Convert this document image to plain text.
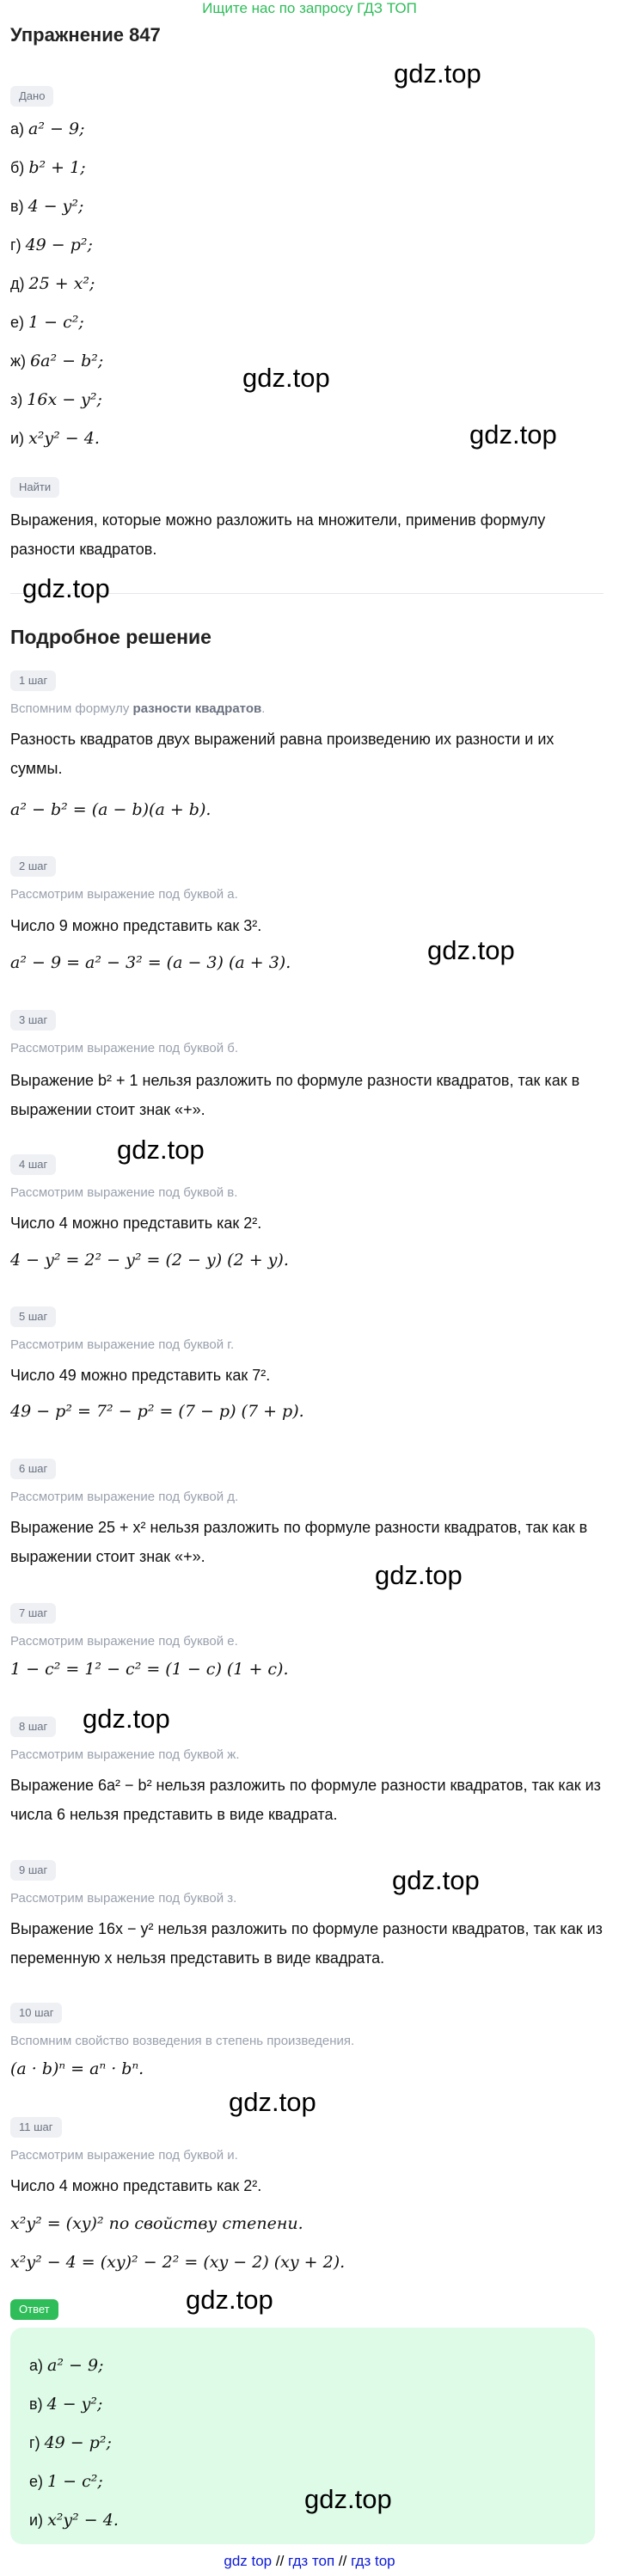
Ищите нас по запросу ГДЗ ТОП
Упражнение 847
Дано
а) a² − 9;
б) b² + 1;
в) 4 − y²;
г) 49 − p²;
д) 25 + x²;
е) 1 − c²;
ж) 6a² − b²;
з) 16x − y²;
и) x²y² − 4.
Найти
Выражения, которые можно разложить на множители, применив формулу разности квадратов.
Подробное решение
1 шаг
Вспомним формулу разности квадратов.
Разность квадратов двух выражений равна произведению их разности и их суммы.
a² − b² = (a − b)(a + b).
2 шаг
Рассмотрим выражение под буквой а.
Число 9 можно представить как 3².
a² − 9 = a² − 3² = (a − 3) (a + 3).
3 шаг
Рассмотрим выражение под буквой б.
Выражение b² + 1 нельзя разложить по формуле разности квадратов, так как в выражении стоит знак «+».
4 шаг
Рассмотрим выражение под буквой в.
Число 4 можно представить как 2².
4 − y² = 2² − y² = (2 − y) (2 + y).
5 шаг
Рассмотрим выражение под буквой г.
Число 49 можно представить как 7².
49 − p² = 7² − p² = (7 − p) (7 + p).
6 шаг
Рассмотрим выражение под буквой д.
Выражение 25 + x² нельзя разложить по формуле разности квадратов, так как в выражении стоит знак «+».
7 шаг
Рассмотрим выражение под буквой е.
1 − c² = 1² − c² = (1 − c) (1 + c).
8 шаг
Рассмотрим выражение под буквой ж.
Выражение 6a² − b² нельзя разложить по формуле разности квадратов, так как из числа 6 нельзя представить в виде квадрата.
9 шаг
Рассмотрим выражение под буквой з.
Выражение 16x − y² нельзя разложить по формуле разности квадратов, так как из переменную x нельзя представить в виде квадрата.
10 шаг
Вспомним свойство возведения в степень произведения.
(a · b)ⁿ = aⁿ · bⁿ.
11 шаг
Рассмотрим выражение под буквой и.
Число 4 можно представить как 2².
x²y² = (xy)² по свойству степени.
x²y² − 4 = (xy)² − 2² = (xy − 2) (xy + 2).
Ответ
а) a² − 9;
в) 4 − y²;
г) 49 − p²;
е) 1 − c²;
и) x²y² − 4.
gdz.top
gdz.top
gdz.top
gdz.top
gdz.top
gdz.top
gdz.top
gdz.top
gdz.top
gdz.top
gdz.top
gdz.top
gdz top // гдз топ // гдз top
